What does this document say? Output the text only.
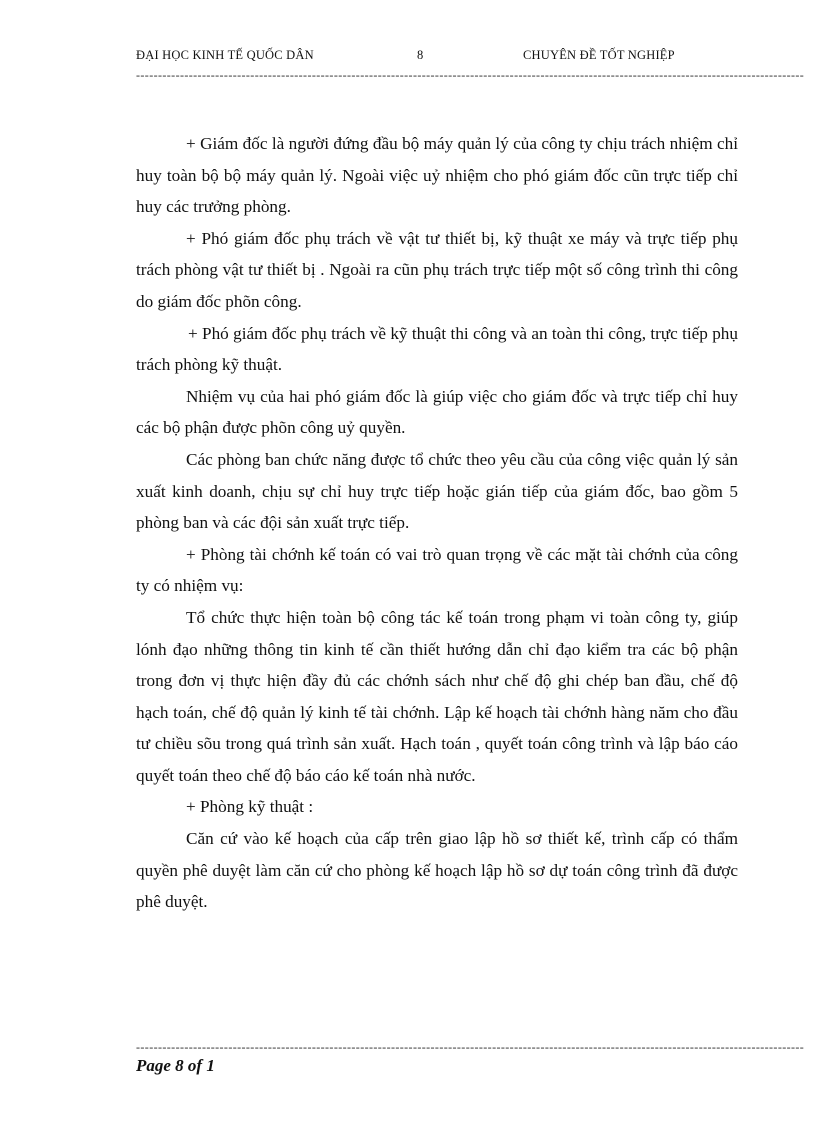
ĐẠI HỌC KINH TẾ QUỐC DÂN	8	CHUYÊN ĐỀ TỐT NGHIỆP
--------------------------------------------------------------------------------------------------------------------------------------------------------

+ Giám đốc là người đứng đầu bộ máy quản lý của công ty chịu trách nhiệm chỉ huy toàn bộ bộ máy quản lý. Ngoài việc uỷ nhiệm cho phó giám đốc cũn trực tiếp chỉ huy các trưởng phòng.

+ Phó giám đốc phụ trách về vật tư thiết bị, kỹ thuật xe máy và trực tiếp phụ trách phòng vật tư thiết bị . Ngoài ra cũn phụ trách trực tiếp một số công trình thi công do giám đốc phõn công.

+ Phó giám đốc phụ trách về kỹ thuật thi công và an toàn thi công, trực tiếp phụ trách phòng kỹ thuật.

Nhiệm vụ của hai phó giám đốc là giúp việc cho giám đốc và trực tiếp chỉ huy các bộ phận được phõn công uỷ quyền.

Các phòng ban chức năng được tổ chức theo yêu cầu của công việc quản lý sản xuất kinh doanh, chịu sự chỉ huy trực tiếp hoặc gián tiếp của giám đốc, bao gồm 5 phòng ban và các đội sản xuất trực tiếp.

+ Phòng tài chớnh kế toán có vai trò quan trọng về các mặt tài chớnh của công ty có nhiệm vụ:

Tổ chức thực hiện toàn bộ công tác kế toán trong phạm vi toàn công ty, giúp lónh đạo những thông tin kinh tế cần thiết hướng dẫn chỉ đạo kiểm tra các bộ phận trong đơn vị thực hiện đầy đủ các chớnh sách như chế độ ghi chép ban đầu, chế độ hạch toán, chế độ quản lý kinh tế tài chớnh. Lập kế hoạch tài chớnh hàng năm cho đầu tư chiều sõu trong quá trình sản xuất. Hạch toán , quyết toán công trình và lập báo cáo quyết toán theo chế độ báo cáo kế toán nhà nước.

+ Phòng kỹ thuật :

Căn cứ vào kế hoạch của cấp trên giao lập hồ sơ thiết kế, trình cấp có thẩm quyền phê duyệt làm căn cứ cho phòng kế hoạch lập hồ sơ dự toán công trình đã được phê duyệt.

--------------------------------------------------------------------------------------------------------------------------------------------------------
Page 8 of 1
